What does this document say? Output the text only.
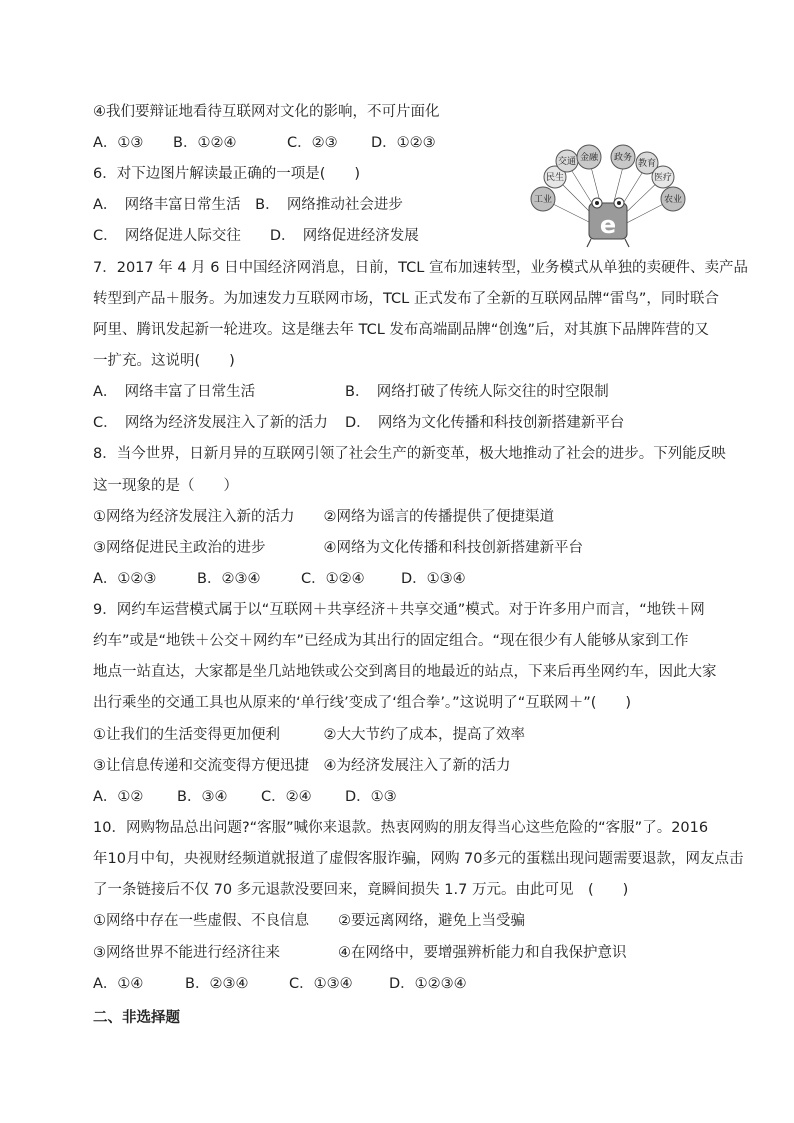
④我们要辩证地看待互联网对文化的影响，不可片面化
A．①③ B．①②④	C．②③ D．①②③
6．对下边图片解读最正确的一项是(　　)
A．　网络丰富日常生活　B．　网络推动社会进步
C．　网络促进人际交往　　D．　网络促进经济发展
工业
民生
交通 金融 政务
教育
医疗
农业
e
7．2017 年 4 月 6 日中国经济网消息，日前，TCL 宣布加速转型，业务模式从单独的卖硬件、卖产品
转型到产品＋服务。为加速发力互联网市场，TCL 正式发布了全新的互联网品牌“雷鸟”，同时联合
阿里、腾讯发起新一轮进攻。这是继去年 TCL 发布高端副品牌“创逸”后，对其旗下品牌阵营的又
一扩充。这说明(　　)
A．　网络丰富了日常生活	B．　网络打破了传统人际交往的时空限制
C．　网络为经济发展注入了新的活力 D．　网络为文化传播和科技创新搭建新平台
8．当今世界，日新月异的互联网引领了社会生产的新变革，极大地推动了社会的进步。下列能反映
这一现象的是（　　）
①网络为经济发展注入新的活力　　②网络为谣言的传播提供了便捷渠道
③网络促进民主政治的进步　　　　④网络为文化传播和科技创新搭建新平台
A．①②③	B．②③④	C．①②④	D．①③④
9．网约车运营模式属于以“互联网＋共享经济＋共享交通”模式。对于许多用户而言，“地铁＋网
约车”或是“地铁＋公交＋网约车”已经成为其出行的固定组合。“现在很少有人能够从家到工作
地点一站直达，大家都是坐几站地铁或公交到离目的地最近的站点，下来后再坐网约车，因此大家
出行乘坐的交通工具也从原来的‘单行线’变成了‘组合拳’。”这说明了“互联网＋”(　　)
①让我们的生活变得更加便利　　　②大大节约了成本，提高了效率
③让信息传递和交流变得方便迅捷　④为经济发展注入了新的活力
A．①② B．③④ C．②④ D．①③
10．网购物品总出问题?“客服”喊你来退款。热衷网购的朋友得当心这些危险的“客服”了。2016
年10月中旬，央视财经频道就报道了虚假客服诈骗，网购 70多元的蛋糕出现问题需要退款，网友点击
了一条链接后不仅 70 多元退款没要回来，竟瞬间损失 1.7 万元。由此可见　(　　)
①网络中存在一些虚假、不良信息　　②要远离网络，避免上当受骗
③网络世界不能进行经济往来　　　　④在网络中，要增强辨析能力和自我保护意识
A．①④	B．②③④	C．①③④	D．①②③④
二、非选择题
